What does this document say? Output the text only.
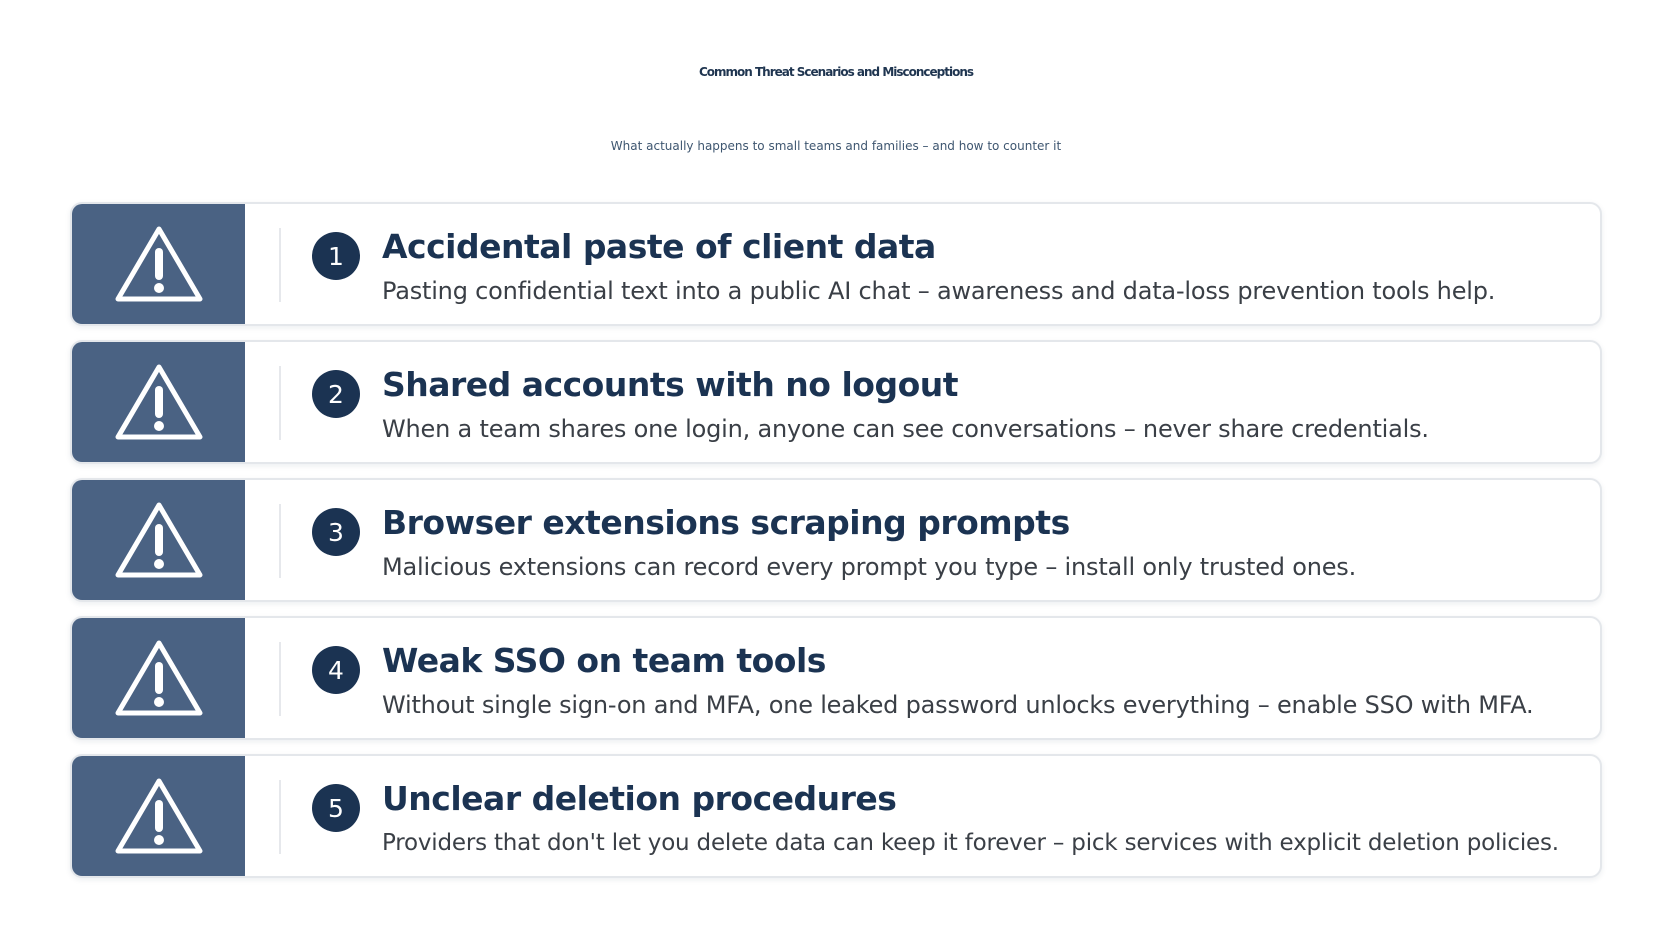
Common Threat Scenarios and Misconceptions

What actually happens to small teams and families – and how to counter it

1	Accidental paste of client data
Pasting confidential text into a public AI chat – awareness and data-loss prevention tools help.
2	Shared accounts with no logout
When a team shares one login, anyone can see conversations – never share credentials.
3	Browser extensions scraping prompts
Malicious extensions can record every prompt you type – install only trusted ones.
4	Weak SSO on team tools
Without single sign-on and MFA, one leaked password unlocks everything – enable SSO with MFA.
5	Unclear deletion procedures
Providers that don't let you delete data can keep it forever – pick services with explicit deletion policies.
